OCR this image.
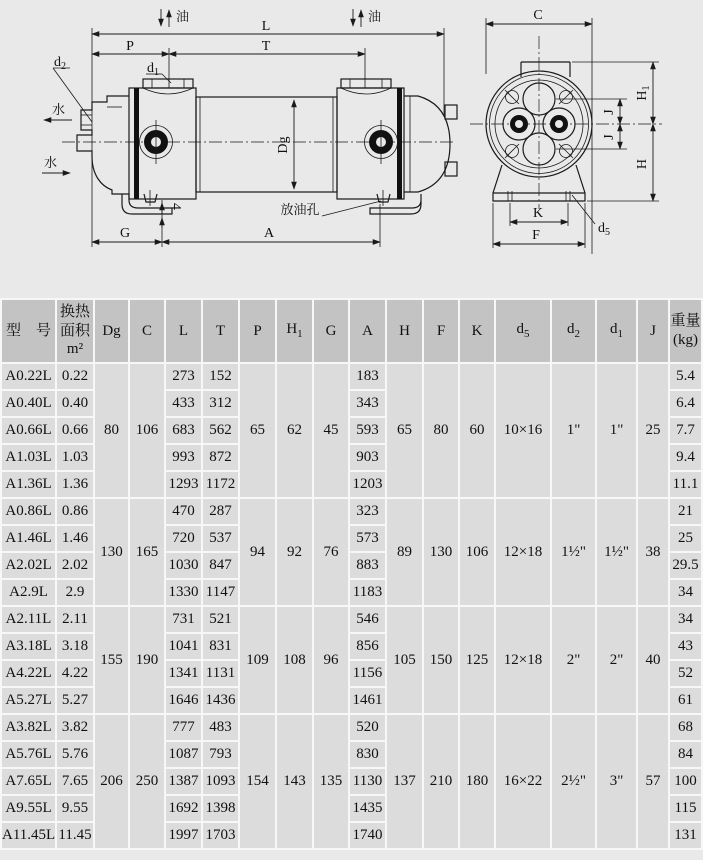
油	油
L
P	T
$d_1$
$d_2$
水
水
Dg
4	放油孔
G	A
C
$H_1$
H
J
J
K
F	$d_5$
型    号	换热面积
m²	Dg	C	L	T	P	$H_1$	G	A	H	F	K	$d_5$	$d_2$	$d_1$	J	重量
(kg)
A0.22L	0.22	80	106	273	152	65	62	45	183	65	80	60	10×16	1"	1"	25	5.4
A0.40L	0.40			433	312				343								6.4
A0.66L	0.66			683	562				593								7.7
A1.03L	1.03			993	872				903								9.4
A1.36L	1.36			1293	1172				1203								11.1
A0.86L	0.86	130	165	470	287	94	92	76	323	89	130	106	12×18	1½"	1½"	38	21
A1.46L	1.46			720	537				573								25
A2.02L	2.02			1030	847				883								29.5
A2.9L	2.9			1330	1147				1183								34
A2.11L	2.11	155	190	731	521	109	108	96	546	105	150	125	12×18	2"	2"	40	34
A3.18L	3.18			1041	831				856								43
A4.22L	4.22			1341	1131				1156								52
A5.27L	5.27			1646	1436				1461								61
A3.82L	3.82	206	250	777	483	154	143	135	520	137	210	180	16×22	2½"	3"	57	68
A5.76L	5.76			1087	793				830								84
A7.65L	7.65			1387	1093				1130								100
A9.55L	9.55			1692	1398				1435								115
A11.45L	11.45			1997	1703				1740								131
